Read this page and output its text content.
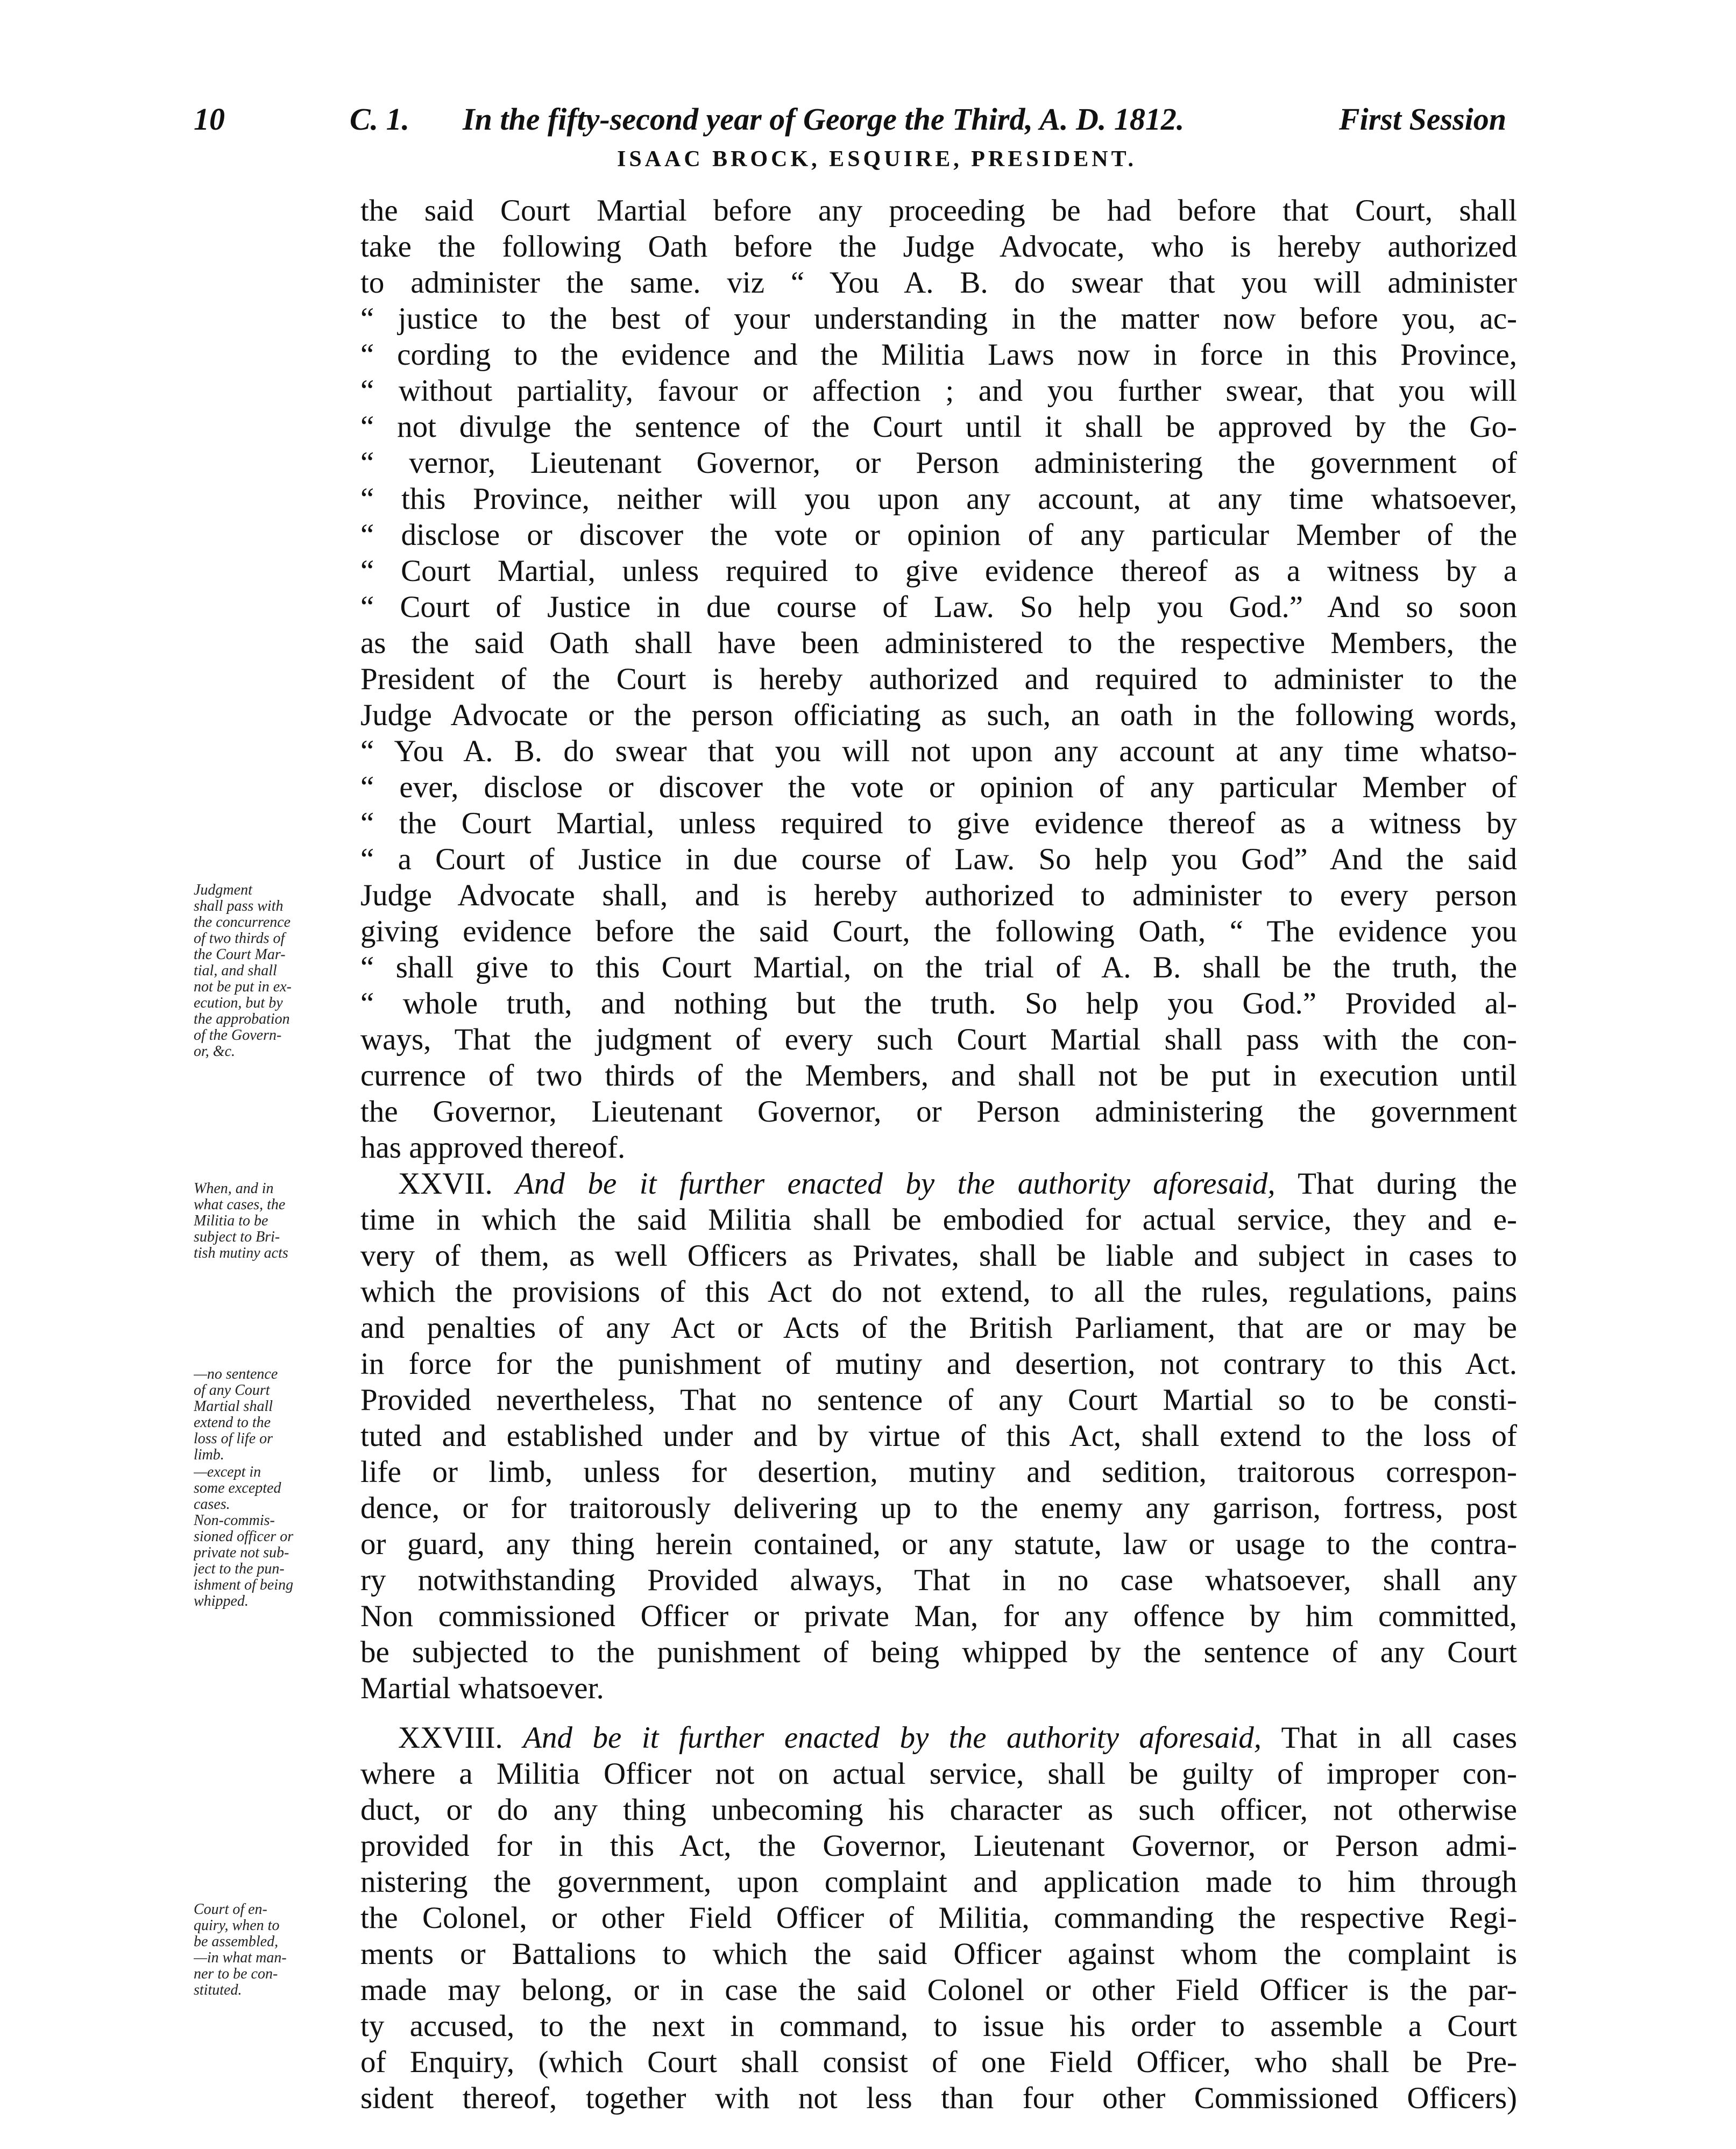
10	C. 1. In the fifty-second year of George the Third, A. D. 1812.	First Session
ISAAC BROCK, ESQUIRE, PRESIDENT.
the said Court Martial before any proceeding be had before that Court, shall
take the following Oath before the Judge Advocate, who is hereby authorized
to administer the same. viz “ You A. B. do swear that you will administer
“ justice to the best of your understanding in the matter now before you, ac-
“ cording to the evidence and the Militia Laws now in force in this Province,
“ without partiality, favour or affection ; and you further swear, that you will
“ not divulge the sentence of the Court until it shall be approved by the Go-
“ vernor, Lieutenant Governor, or Person administering the government of
“ this Province, neither will you upon any account, at any time whatsoever,
“ disclose or discover the vote or opinion of any particular Member of the
“ Court Martial, unless required to give evidence thereof as a witness by a
“ Court of Justice in due course of Law. So help you God.” And so soon
as the said Oath shall have been administered to the respective Members, the
President of the Court is hereby authorized and required to administer to the
Judge Advocate or the person officiating as such, an oath in the following words,
“ You A. B. do swear that you will not upon any account at any time whatso-
“ ever, disclose or discover the vote or opinion of any particular Member of
“ the Court Martial, unless required to give evidence thereof as a witness by
“ a Court of Justice in due course of Law. So help you God” And the said
Judge Advocate shall, and is hereby authorized to administer to every person
giving evidence before the said Court, the following Oath, “ The evidence you
“ shall give to this Court Martial, on the trial of A. B. shall be the truth, the
“ whole truth, and nothing but the truth. So help you God.” Provided al-
ways, That the judgment of every such Court Martial shall pass with the con-
currence of two thirds of the Members, and shall not be put in execution until
the Governor, Lieutenant Governor, or Person administering the government
has approved thereof.
XXVII. And be it further enacted by the authority aforesaid, That during the
time in which the said Militia shall be embodied for actual service, they and e-
very of them, as well Officers as Privates, shall be liable and subject in cases to
which the provisions of this Act do not extend, to all the rules, regulations, pains
and penalties of any Act or Acts of the British Parliament, that are or may be
in force for the punishment of mutiny and desertion, not contrary to this Act.
Provided nevertheless, That no sentence of any Court Martial so to be consti-
tuted and established under and by virtue of this Act, shall extend to the loss of
life or limb, unless for desertion, mutiny and sedition, traitorous correspon-
dence, or for traitorously delivering up to the enemy any garrison, fortress, post
or guard, any thing herein contained, or any statute, law or usage to the contra-
ry notwithstanding Provided always, That in no case whatsoever, shall any
Non commissioned Officer or private Man, for any offence by him committed,
be subjected to the punishment of being whipped by the sentence of any Court
Martial whatsoever.
XXVIII. And be it further enacted by the authority aforesaid, That in all cases
where a Militia Officer not on actual service, shall be guilty of improper con-
duct, or do any thing unbecoming his character as such officer, not otherwise
provided for in this Act, the Governor, Lieutenant Governor, or Person admi-
nistering the government, upon complaint and application made to him through
the Colonel, or other Field Officer of Militia, commanding the respective Regi-
ments or Battalions to which the said Officer against whom the complaint is
made may belong, or in case the said Colonel or other Field Officer is the par-
ty accused, to the next in command, to issue his order to assemble a Court
of Enquiry, (which Court shall consist of one Field Officer, who shall be Pre-
sident thereof, together with not less than four other Commissioned Officers)
Judgment
shall pass with
the concurrence
of two thirds of
the Court Mar-
tial, and shall
not be put in ex-
ecution, but by
the approbation
of the Govern-
or, &c.
When, and in
what cases, the
Militia to be
subject to Bri-
tish mutiny acts
—no sentence
of any Court
Martial shall
extend to the
loss of life or
limb.
—except in
some excepted
cases.
Non-commis-
sioned officer or
private not sub-
ject to the pun-
ishment of being
whipped.
Court of en-
quiry, when to
be assembled,
—in what man-
ner to be con-
stituted.
